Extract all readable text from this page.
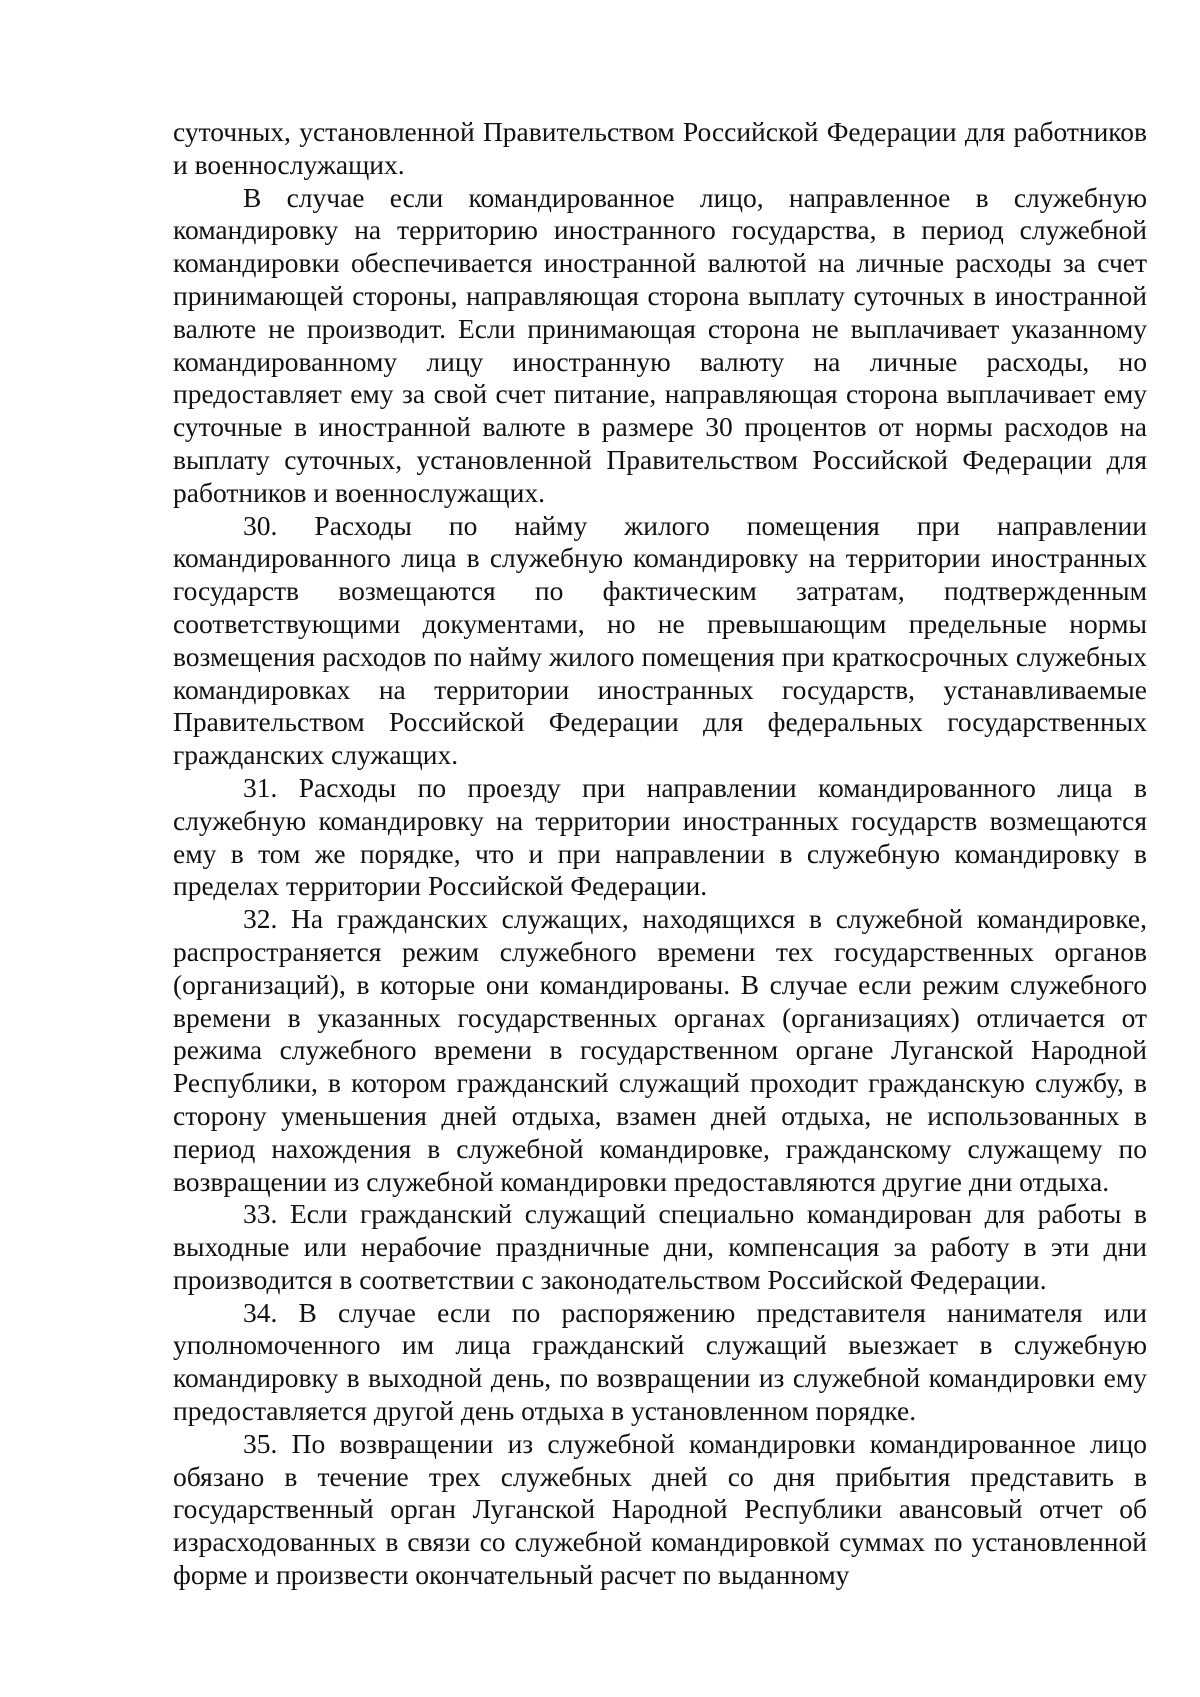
суточных, установленной Правительством Российской Федерации для работников и военнослужащих.

В случае если командированное лицо, направленное в служебную командировку на территорию иностранного государства, в период служебной командировки обеспечивается иностранной валютой на личные расходы за счет принимающей стороны, направляющая сторона выплату суточных в иностранной валюте не производит. Если принимающая сторона не выплачивает указанному командированному лицу иностранную валюту на личные расходы, но предоставляет ему за свой счет питание, направляющая сторона выплачивает ему суточные в иностранной валюте в размере 30 процентов от нормы расходов на выплату суточных, установленной Правительством Российской Федерации для работников и военнослужащих.

30. Расходы по найму жилого помещения при направлении командированного лица в служебную командировку на территории иностранных государств возмещаются по фактическим затратам, подтвержденным соответствующими документами, но не превышающим предельные нормы возмещения расходов по найму жилого помещения при краткосрочных служебных командировках на территории иностранных государств, устанавливаемые Правительством Российской Федерации для федеральных государственных гражданских служащих.

31. Расходы по проезду при направлении командированного лица в служебную командировку на территории иностранных государств возмещаются ему в том же порядке, что и при направлении в служебную командировку в пределах территории Российской Федерации.

32. На гражданских служащих, находящихся в служебной командировке, распространяется режим служебного времени тех государственных органов (организаций), в которые они командированы. В случае если режим служебного времени в указанных государственных органах (организациях) отличается от режима служебного времени в государственном органе Луганской Народной Республики, в котором гражданский служащий проходит гражданскую службу, в сторону уменьшения дней отдыха, взамен дней отдыха, не использованных в период нахождения в служебной командировке, гражданскому служащему по возвращении из служебной командировки предоставляются другие дни отдыха.

33. Если гражданский служащий специально командирован для работы в выходные или нерабочие праздничные дни, компенсация за работу в эти дни производится в соответствии с законодательством Российской Федерации.

34. В случае если по распоряжению представителя нанимателя или уполномоченного им лица гражданский служащий выезжает в служебную командировку в выходной день, по возвращении из служебной командировки ему предоставляется другой день отдыха в установленном порядке.

35. По возвращении из служебной командировки командированное лицо обязано в течение трех служебных дней со дня прибытия представить в государственный орган Луганской Народной Республики авансовый отчет об израсходованных в связи со служебной командировкой суммах по установленной форме и произвести окончательный расчет по выданному
